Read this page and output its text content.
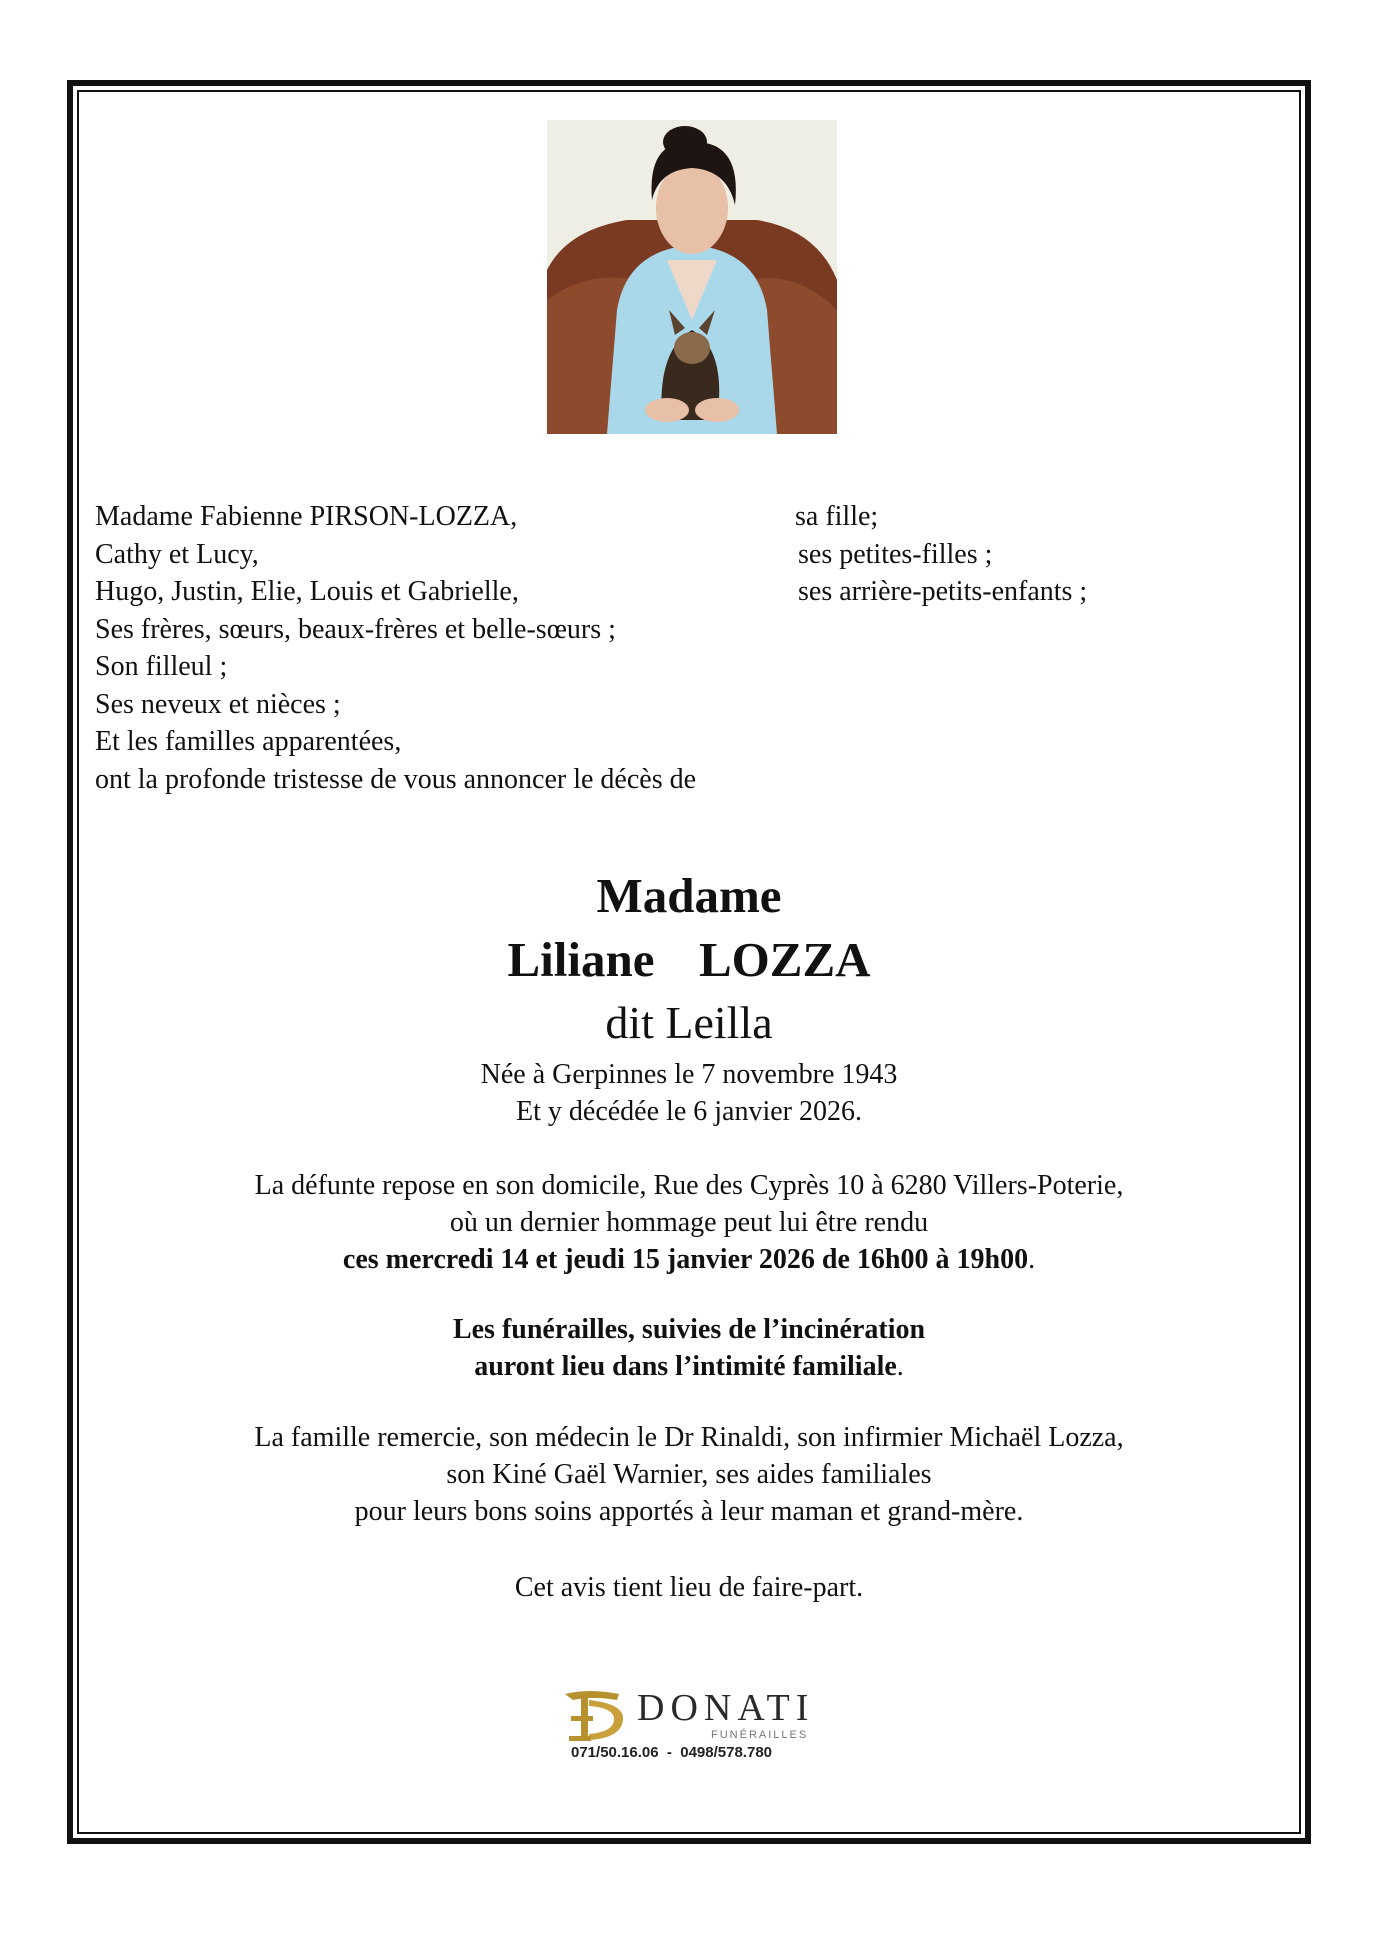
Madame Fabienne PIRSON-LOZZA,	sa fille;
Cathy et Lucy,	ses petites-filles ;
Hugo, Justin, Elie, Louis et Gabrielle,	ses arrière-petits-enfants ;
Ses frères, sœurs, beaux-frères et belle-sœurs ;
Son filleul ;
Ses neveux et nièces ;
Et les familles apparentées,
ont la profonde tristesse de vous annoncer le décès de
Madame
Liliane  LOZZA
dit Leilla
Née à Gerpinnes le 7 novembre 1943
Et y décédée le 6 janvier 2026.
La défunte repose en son domicile, Rue des Cyprès 10 à 6280 Villers-Poterie,
où un dernier hommage peut lui être rendu
ces mercredi 14 et jeudi 15 janvier 2026 de 16h00 à 19h00.
Les funérailles, suivies de l’incinération
auront lieu dans l’intimité familiale.
La famille remercie, son médecin le Dr Rinaldi, son infirmier Michaël Lozza,
son Kiné Gaël Warnier, ses aides familiales
pour leurs bons soins apportés à leur maman et grand-mère.
Cet avis tient lieu de faire-part.
DONATI
FUNÉRAILLES
071/50.16.06  -  0498/578.780
